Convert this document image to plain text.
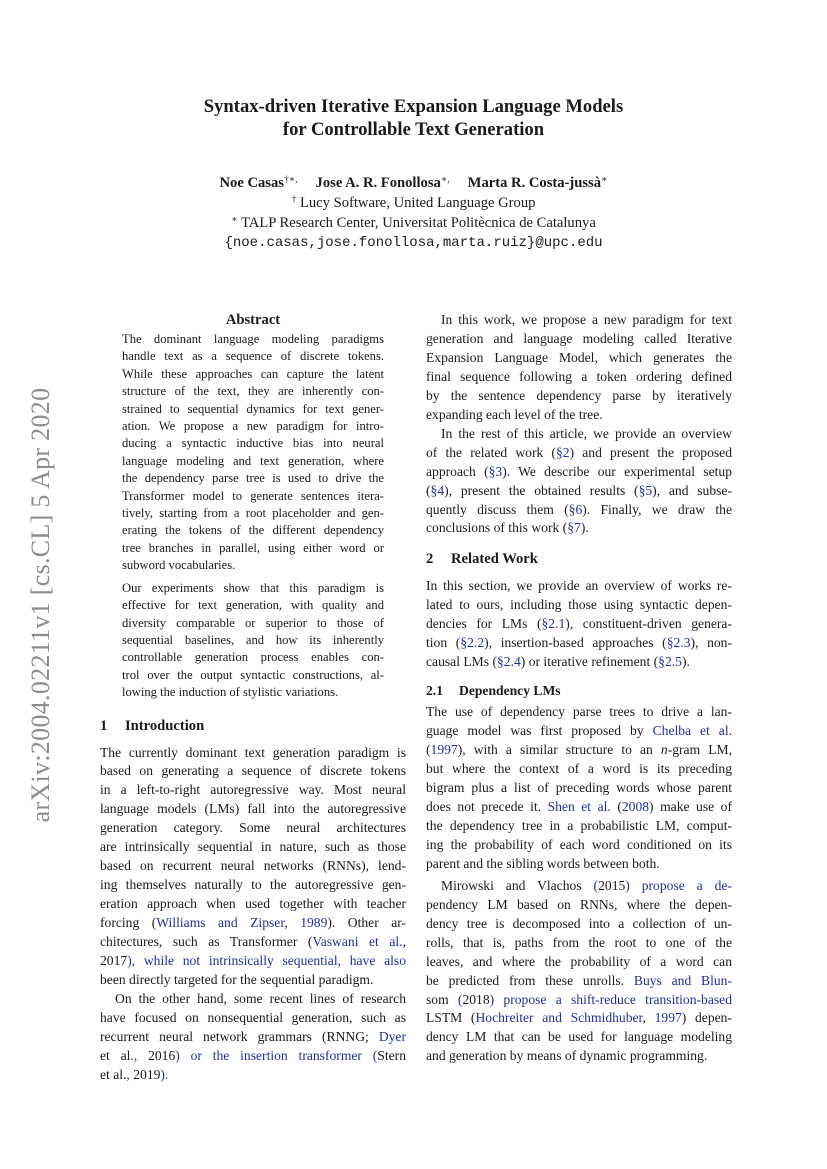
Syntax-driven Iterative Expansion Language Models
for Controllable Text Generation
Noe Casas†∗, Jose A. R. Fonollosa∗, Marta R. Costa-jussà∗
† Lucy Software, United Language Group
∗ TALP Research Center, Universitat Politècnica de Catalunya
{noe.casas,jose.fonollosa,marta.ruiz}@upc.edu
arXiv:2004.02211v1 [cs.CL] 5 Apr 2020
Abstract

The dominant language modeling paradigms
handle text as a sequence of discrete tokens.
While these approaches can capture the latent
structure of the text, they are inherently con-
strained to sequential dynamics for text gener-
ation. We propose a new paradigm for intro-
ducing a syntactic inductive bias into neural
language modeling and text generation, where
the dependency parse tree is used to drive the
Transformer model to generate sentences itera-
tively, starting from a root placeholder and gen-
erating the tokens of the different dependency
tree branches in parallel, using either word or
subword vocabularies.

Our experiments show that this paradigm is
effective for text generation, with quality and
diversity comparable or superior to those of
sequential baselines, and how its inherently
controllable generation process enables con-
trol over the output syntactic constructions, al-
lowing the induction of stylistic variations.

1 Introduction

The currently dominant text generation paradigm is
based on generating a sequence of discrete tokens
in a left-to-right autoregressive way. Most neural
language models (LMs) fall into the autoregressive
generation category. Some neural architectures
are intrinsically sequential in nature, such as those
based on recurrent neural networks (RNNs), lend-
ing themselves naturally to the autoregressive gen-
eration approach when used together with teacher
forcing (Williams and Zipser, 1989). Other ar-
chitectures, such as Transformer (Vaswani et al.,
2017), while not intrinsically sequential, have also
been directly targeted for the sequential paradigm.

On the other hand, some recent lines of research
have focused on nonsequential generation, such as
recurrent neural network grammars (RNNG; Dyer
et al., 2016) or the insertion transformer (Stern
et al., 2019).

In this work, we propose a new paradigm for text
generation and language modeling called Iterative
Expansion Language Model, which generates the
final sequence following a token ordering defined
by the sentence dependency parse by iteratively
expanding each level of the tree.

In the rest of this article, we provide an overview
of the related work (§2) and present the proposed
approach (§3). We describe our experimental setup
(§4), present the obtained results (§5), and subse-
quently discuss them (§6). Finally, we draw the
conclusions of this work (§7).

2 Related Work

In this section, we provide an overview of works re-
lated to ours, including those using syntactic depen-
dencies for LMs (§2.1), constituent-driven genera-
tion (§2.2), insertion-based approaches (§2.3), non-
causal LMs (§2.4) or iterative refinement (§2.5).

2.1 Dependency LMs

The use of dependency parse trees to drive a lan-
guage model was first proposed by Chelba et al.
(1997), with a similar structure to an n-gram LM,
but where the context of a word is its preceding
bigram plus a list of preceding words whose parent
does not precede it. Shen et al. (2008) make use of
the dependency tree in a probabilistic LM, comput-
ing the probability of each word conditioned on its
parent and the sibling words between both.

Mirowski and Vlachos (2015) propose a de-
pendency LM based on RNNs, where the depen-
dency tree is decomposed into a collection of un-
rolls, that is, paths from the root to one of the
leaves, and where the probability of a word can
be predicted from these unrolls. Buys and Blun-
som (2018) propose a shift-reduce transition-based
LSTM (Hochreiter and Schmidhuber, 1997) depen-
dency LM that can be used for language modeling
and generation by means of dynamic programming.
